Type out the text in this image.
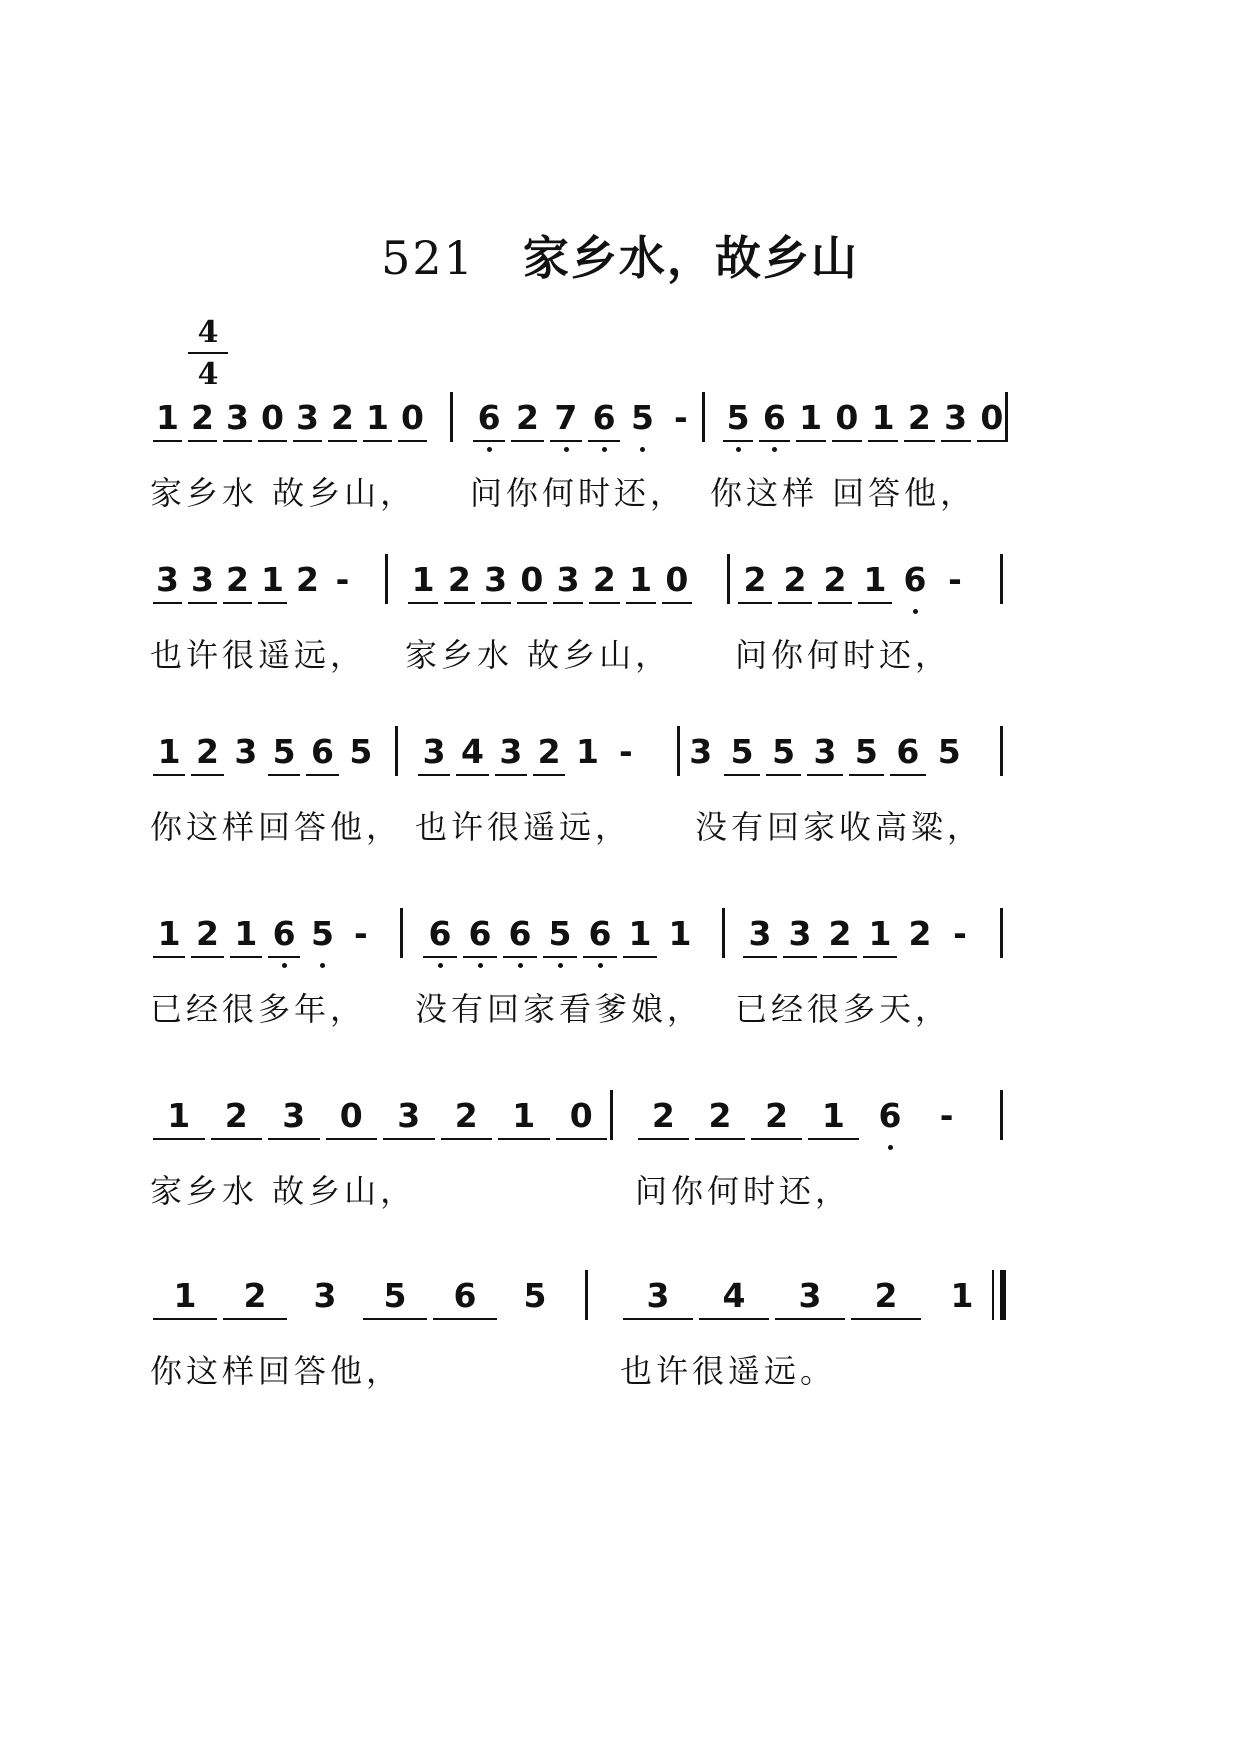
521 家乡水，故乡山
4
4
1 2 3 0 3 2 1 0 6 2 7 6 5 -	5 6 1 0 1 2 3 0
家乡水 故乡山， 问你何时还， 你这样 回答他，
3 3 2 1 2 -	1 2 3 0 3 2 1 0 2 2 2 1 6 -
也许很遥远， 家乡水 故乡山， 问你何时还，
1 2 3 5 6 5 3 4 3 2 1 -	3 5 5 3 5 6 5
你这样回答他， 也许很遥远， 没有回家收高粱，
1 2 1 6 5 -	6 6 6 5 6 1 1 3 3 2 1 2 -
已经很多年， 没有回家看爹娘， 已经很多天，
1	2	3	0	3	2	1	0	2	2	2	1	6	-
家乡水 故乡山，	问你何时还，
1	2	3	5	6	5	3	4	3	2	1
你这样回答他，	也许很遥远。
